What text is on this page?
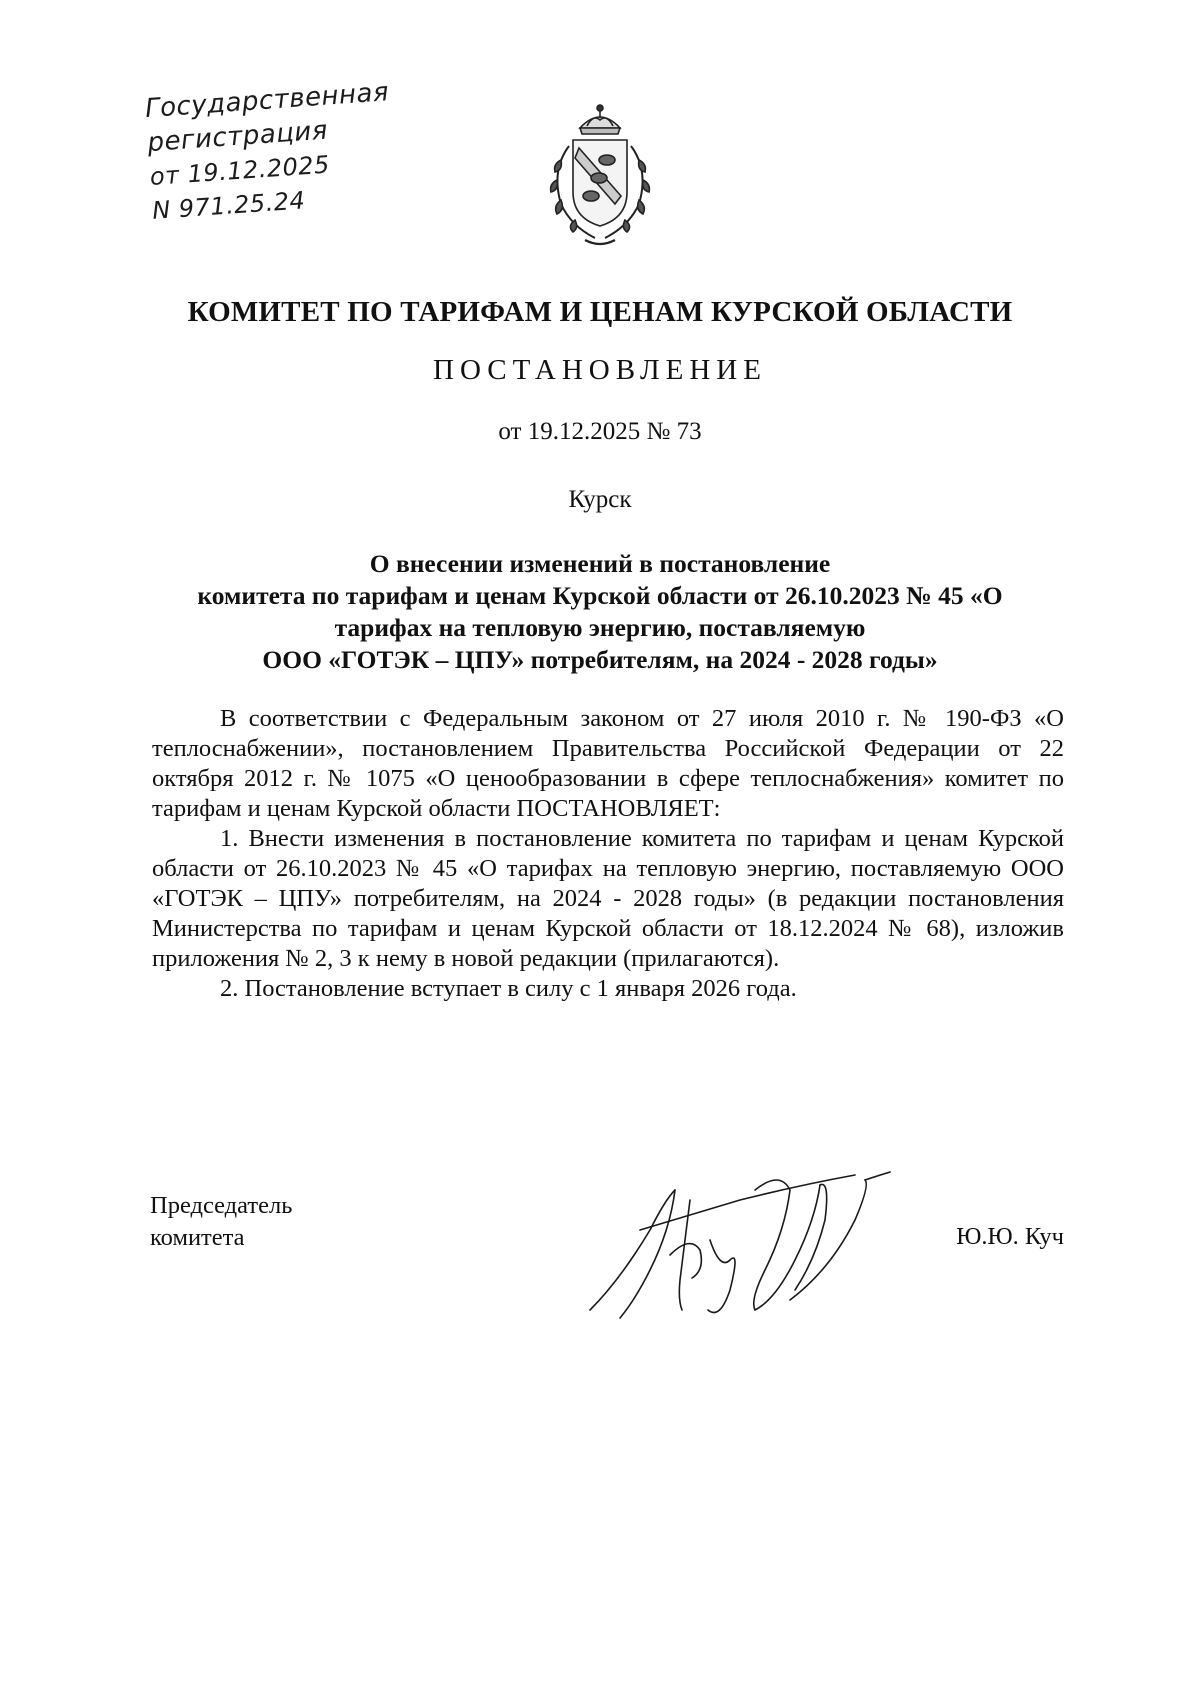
Государственная
регистрация
от 19.12.2025
N 971.25.24
КОМИТЕТ ПО ТАРИФАМ И ЦЕНАМ КУРСКОЙ ОБЛАСТИ
ПОСТАНОВЛЕНИЕ
от 19.12.2025 № 73
Курск
О внесении изменений в постановление
комитета по тарифам и ценам Курской области от 26.10.2023 № 45 «О
тарифах на тепловую энергию, поставляемую
ООО «ГОТЭК – ЦПУ» потребителям, на 2024 - 2028 годы»

В соответствии с Федеральным законом от 27 июля 2010 г. № 190-ФЗ «О теплоснабжении», постановлением Правительства Российской Федерации от 22 октября 2012 г. № 1075 «О ценообразовании в сфере теплоснабжения» комитет по тарифам и ценам Курской области ПОСТАНОВЛЯЕТ:

1. Внести изменения в постановление комитета по тарифам и ценам Курской области от 26.10.2023 № 45 «О тарифах на тепловую энергию, поставляемую ООО «ГОТЭК – ЦПУ» потребителям, на 2024 - 2028 годы» (в редакции постановления Министерства по тарифам и ценам Курской области от 18.12.2024 № 68), изложив приложения № 2, 3 к нему в новой редакции (прилагаются).

2. Постановление вступает в силу с 1 января 2026 года.

Председатель
комитета	Ю.Ю. Куч
